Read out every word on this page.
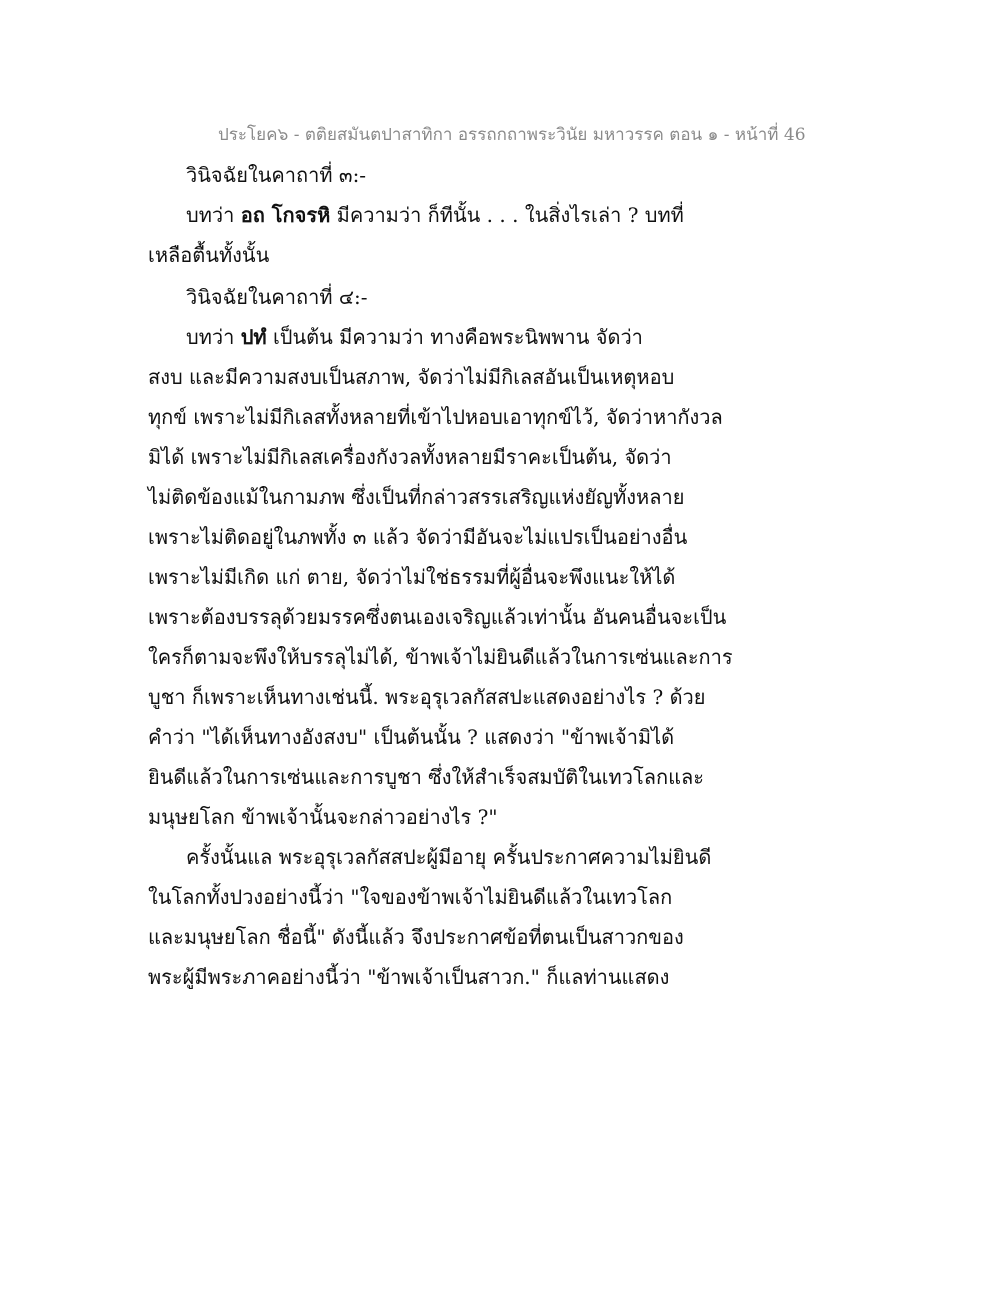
ประโยค๖ - ตติยสมันตปาสาทิกา อรรถกถาพระวินัย มหาวรรค ตอน ๑ - หน้าที่ 46
วินิจฉัยในคาถาที่ ๓:-
บทว่า อถ โกจรหิ มีความว่า ก็ทีนั้น . . . ในสิ่งไรเล่า ? บทที่
เหลือตื้นทั้งนั้น
วินิจฉัยในคาถาที่ ๔:-
บทว่า ปทํ เป็นต้น มีความว่า ทางคือพระนิพพาน จัดว่า
สงบ และมีความสงบเป็นสภาพ, จัดว่าไม่มีกิเลสอันเป็นเหตุหอบ
ทุกข์ เพราะไม่มีกิเลสทั้งหลายที่เข้าไปหอบเอาทุกข์ไว้, จัดว่าหากังวล
มิได้ เพราะไม่มีกิเลสเครื่องกังวลทั้งหลายมีราคะเป็นต้น, จัดว่า
ไม่ติดข้องแม้ในกามภพ ซึ่งเป็นที่กล่าวสรรเสริญแห่งยัญทั้งหลาย
เพราะไม่ติดอยู่ในภพทั้ง ๓ แล้ว จัดว่ามีอันจะไม่แปรเป็นอย่างอื่น
เพราะไม่มีเกิด แก่ ตาย, จัดว่าไม่ใช่ธรรมที่ผู้อื่นจะพึงแนะให้ได้
เพราะต้องบรรลุด้วยมรรคซึ่งตนเองเจริญแล้วเท่านั้น อันคนอื่นจะเป็น
ใครก็ตามจะพึงให้บรรลุไม่ได้, ข้าพเจ้าไม่ยินดีแล้วในการเซ่นและการ
บูชา ก็เพราะเห็นทางเช่นนี้. พระอุรุเวลกัสสปะแสดงอย่างไร ? ด้วย
คำว่า "ได้เห็นทางอังสงบ" เป็นต้นนั้น ? แสดงว่า "ข้าพเจ้ามิได้
ยินดีแล้วในการเซ่นและการบูชา ซึ่งให้สำเร็จสมบัติในเทวโลกและ
มนุษยโลก ข้าพเจ้านั้นจะกล่าวอย่างไร ?"
ครั้งนั้นแล พระอุรุเวลกัสสปะผู้มีอายุ ครั้นประกาศความไม่ยินดี
ในโลกทั้งปวงอย่างนี้ว่า "ใจของข้าพเจ้าไม่ยินดีแล้วในเทวโลก
และมนุษยโลก ชื่อนี้" ดังนี้แล้ว จึงประกาศข้อที่ตนเป็นสาวกของ
พระผู้มีพระภาคอย่างนี้ว่า "ข้าพเจ้าเป็นสาวก." ก็แลท่านแสดง
